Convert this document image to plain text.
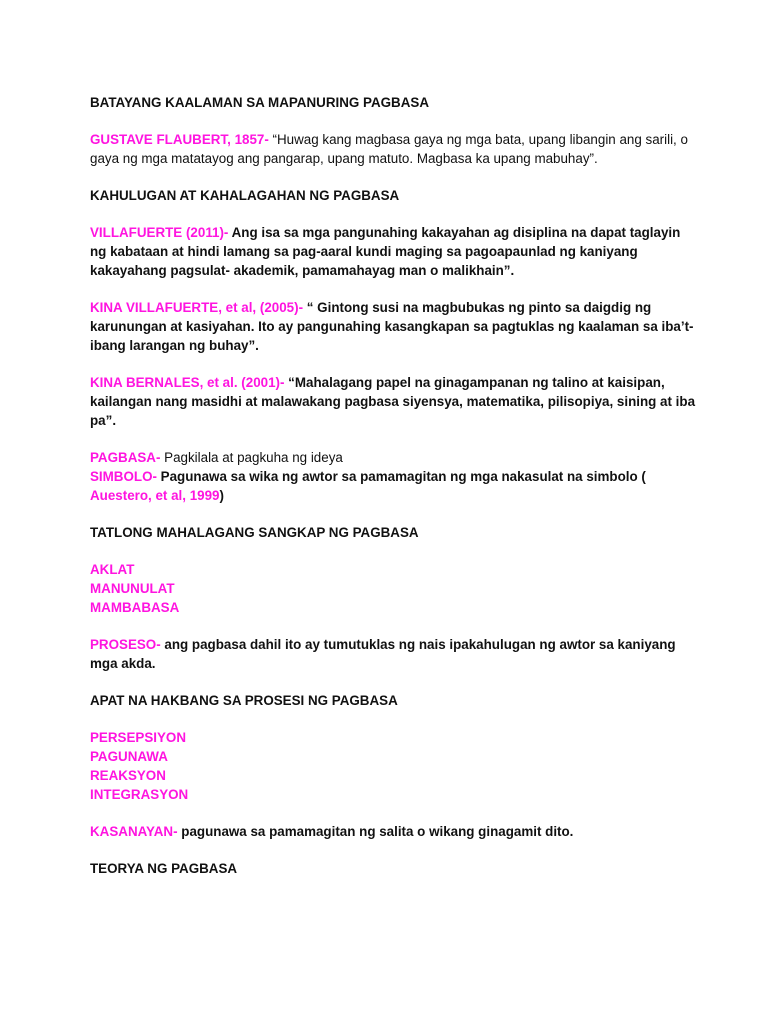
BATAYANG KAALAMAN SA MAPANURING PAGBASA
GUSTAVE FLAUBERT, 1857- “Huwag kang magbasa gaya ng mga bata, upang libangin ang sarili, o gaya ng mga matatayog ang pangarap, upang matuto. Magbasa ka upang mabuhay”.
KAHULUGAN AT KAHALAGAHAN NG PAGBASA
VILLAFUERTE (2011)- Ang isa sa mga pangunahing kakayahan ag disiplina na dapat taglayin ng kabataan at hindi lamang sa pag-aaral kundi maging sa pagoapaunlad ng kaniyang kakayahang pagsulat- akademik, pamamahayag man o malikhain”.
KINA VILLAFUERTE, et al, (2005)- “ Gintong susi na magbubukas ng pinto sa daigdig ng karunungan at kasiyahan. Ito ay pangunahing kasangkapan sa pagtuklas ng kaalaman sa iba’t- ibang larangan ng buhay”.
KINA BERNALES, et al. (2001)- “Mahalagang papel na ginagampanan ng talino at kaisipan, kailangan nang masidhi at malawakang pagbasa siyensya, matematika, pilisopiya, sining at iba pa”.
PAGBASA- Pagkilala at pagkuha ng ideya
SIMBOLO- Pagunawa sa wika ng awtor sa pamamagitan ng mga nakasulat na simbolo ( Auestero, et al, 1999)
TATLONG MAHALAGANG SANGKAP NG PAGBASA
AKLAT
MANUNULAT
MAMBABASA
PROSESO- ang pagbasa dahil ito ay tumutuklas ng nais ipakahulugan ng awtor sa kaniyang mga akda.
APAT NA HAKBANG SA PROSESI NG PAGBASA
PERSEPSIYON
PAGUNAWA
REAKSYON
INTEGRASYON
KASANAYAN- pagunawa sa pamamagitan ng salita o wikang ginagamit dito.
TEORYA NG PAGBASA
